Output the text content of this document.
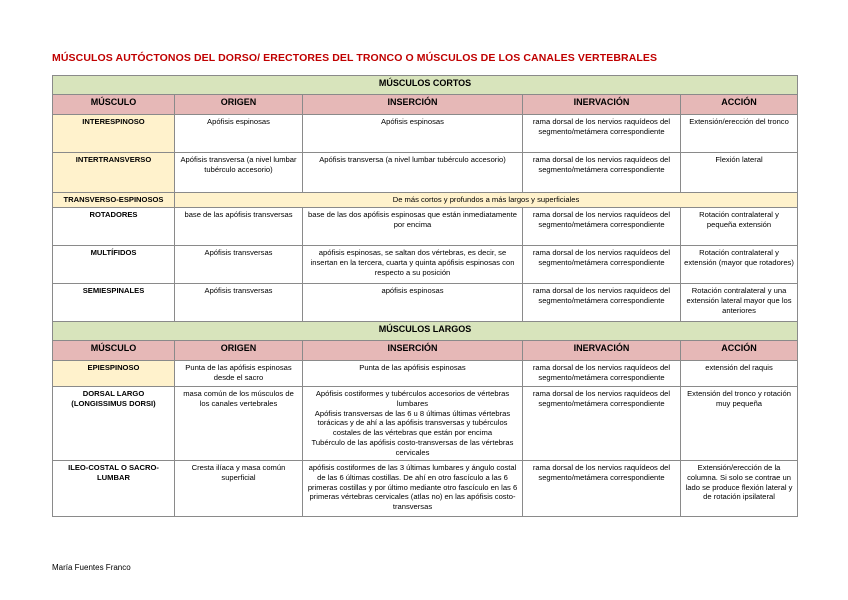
MÚSCULOS AUTÓCTONOS DEL DORSO/ ERECTORES DEL TRONCO O MÚSCULOS DE LOS CANALES VERTEBRALES
MÚSCULOS CORTOS				
MÚSCULO	ORIGEN	INSERCIÓN	INERVACIÓN	ACCIÓN
INTERESPINOSO	Apófisis espinosas	Apófisis espinosas	rama dorsal de los nervios raquídeos del segmento/metámera correspondiente	Extensión/erección del tronco
INTERTRANSVERSO	Apófisis transversa (a nivel lumbar tubérculo accesorio)	Apófisis transversa (a nivel lumbar tubérculo accesorio)	rama dorsal de los nervios raquídeos del segmento/metámera correspondiente	Flexión lateral
TRANSVERSO-ESPINOSOS	De más cortos y profundos a más largos y superficiales			
ROTADORES	base de las apófisis transversas	base de las dos apófisis espinosas que están inmediatamente por encima	rama dorsal de los nervios raquídeos del segmento/metámera correspondiente	Rotación contralateral y pequeña extensión
MULTÍFIDOS	Apófisis transversas	apófisis espinosas, se saltan dos vértebras, es decir, se insertan en la tercera, cuarta y quinta apófisis espinosas con respecto a su posición	rama dorsal de los nervios raquídeos del segmento/metámera correspondiente	Rotación contralateral y extensión (mayor que rotadores)
SEMIESPINALES	Apófisis transversas	apófisis espinosas	rama dorsal de los nervios raquídeos del segmento/metámera correspondiente	Rotación contralateral y una extensión lateral mayor que los anteriores
MÚSCULOS LARGOS				
MÚSCULO	ORIGEN	INSERCIÓN	INERVACIÓN	ACCIÓN
EPIESPINOSO	Punta de las apófisis espinosas desde el sacro	Punta de las apófisis espinosas	rama dorsal de los nervios raquídeos del segmento/metámera correspondiente	extensión del raquis
DORSAL LARGO (LONGISSIMUS DORSI)	masa común de los músculos de los canales vertebrales	Apófisis costiformes y tubérculos accesorios de vértebras lumbares
Apófisis transversas de las 6 u 8 últimas últimas vértebras torácicas y de ahí a las apófisis transversas y tubérculos costales de las vértebras que están por encima
Tubérculo de las apófisis costo-transversas de las vértebras cervicales	rama dorsal de los nervios raquídeos del segmento/metámera correspondiente	Extensión del tronco y rotación muy pequeña
ILEO-COSTAL O SACRO-LUMBAR	Cresta ilíaca y masa común superficial	apófisis costiformes de las 3 últimas lumbares y ángulo costal de las 6 últimas costillas. De ahí en otro fascículo a las 6 primeras costillas y por último mediante otro fascículo en las 6 primeras vértebras cervicales (atlas no) en las apófisis costo-transversas	rama dorsal de los nervios raquídeos del segmento/metámera correspondiente	Extensión/erección de la columna. Si solo se contrae un lado se produce flexión lateral y de rotación ipsilateral
María Fuentes Franco
